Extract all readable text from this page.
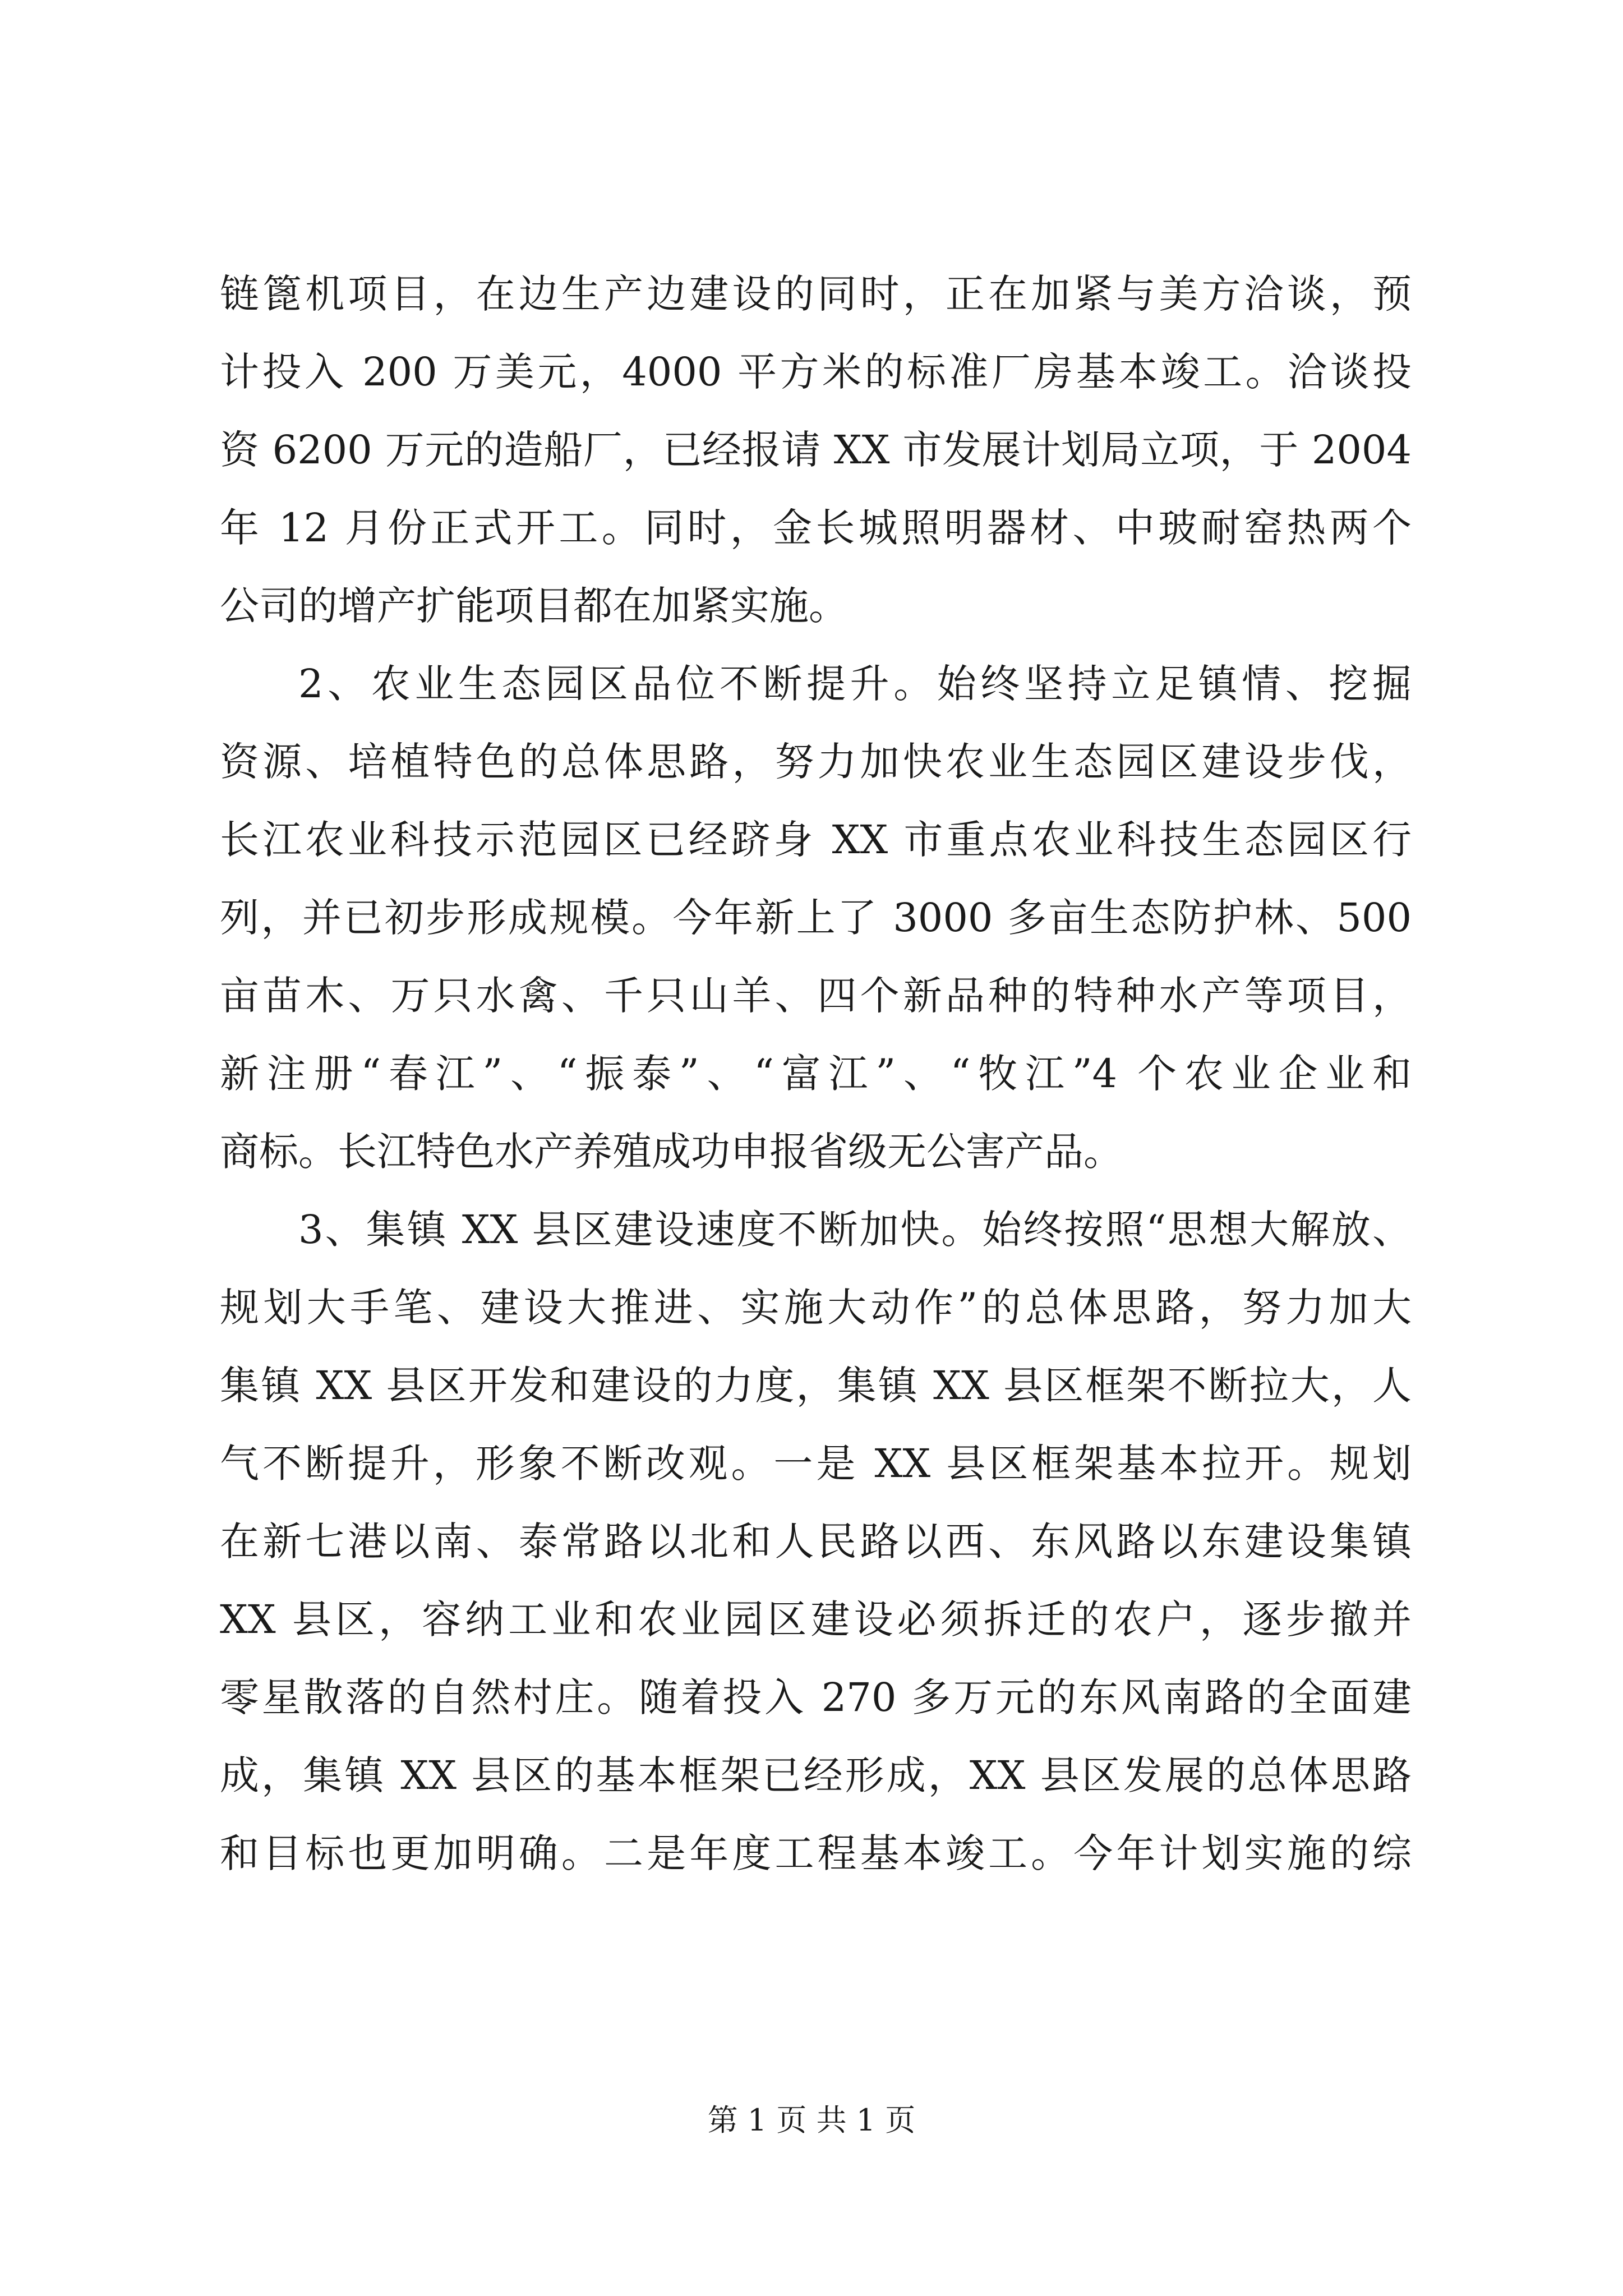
链篦机项目，在边生产边建设的同时，正在加紧与美方洽谈，预
计投入 200 万美元，4000 平方米的标准厂房基本竣工。洽谈投
资 6200 万元的造船厂，已经报请 XX 市发展计划局立项，于 2004
年 12 月份正式开工。同时，金长城照明器材、中玻耐窑热两个
公司的增产扩能项目都在加紧实施。
2、农业生态园区品位不断提升。始终坚持立足镇情、挖掘
资源、培植特色的总体思路，努力加快农业生态园区建设步伐，
长江农业科技示范园区已经跻身 XX 市重点农业科技生态园区行
列，并已初步形成规模。今年新上了 3000 多亩生态防护林、500
亩苗木、万只水禽、千只山羊、四个新品种的特种水产等项目，
新注册“春江”、“振泰”、“富江”、“牧江”4 个农业企业和
商标。长江特色水产养殖成功申报省级无公害产品。
3、集镇 XX 县区建设速度不断加快。始终按照“思想大解放、
规划大手笔、建设大推进、实施大动作”的总体思路，努力加大
集镇 XX 县区开发和建设的力度，集镇 XX 县区框架不断拉大，人
气不断提升，形象不断改观。一是 XX 县区框架基本拉开。规划
在新七港以南、泰常路以北和人民路以西、东风路以东建设集镇
XX 县区，容纳工业和农业园区建设必须拆迁的农户，逐步撤并
零星散落的自然村庄。随着投入 270 多万元的东风南路的全面建
成，集镇 XX 县区的基本框架已经形成，XX 县区发展的总体思路
和目标也更加明确。二是年度工程基本竣工。今年计划实施的综
第 1 页 共 1 页
